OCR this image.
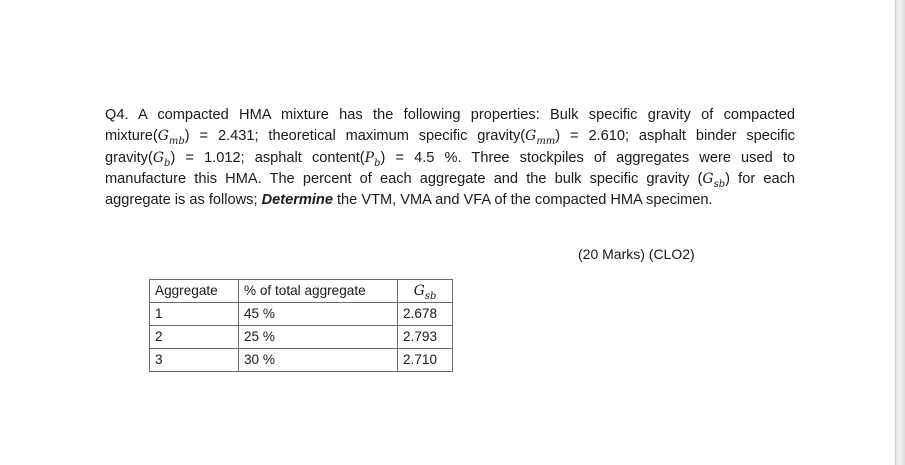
Q4. A compacted HMA mixture has the following properties: Bulk specific gravity of compacted $mixture(G_{mb}) = 2.431$; theoretical maximum specific $gravity(G_{mm}) = 2.610$; asphalt binder specific $gravity(G_b) = 1.012$; asphalt $content(P_b) = 4.5$ %. Three stockpiles of aggregates were used to manufacture this HMA. The percent of each aggregate and the bulk specific gravity $(G_{sb})$ for each aggregate is as follows; Determine the VTM, VMA and VFA of the compacted HMA specimen.

(20 Marks) (CLO2)
Aggregate	% of total aggregate	$G_{sb}$
1	45 %	2.678
2	25 %	2.793
3	30 %	2.710
